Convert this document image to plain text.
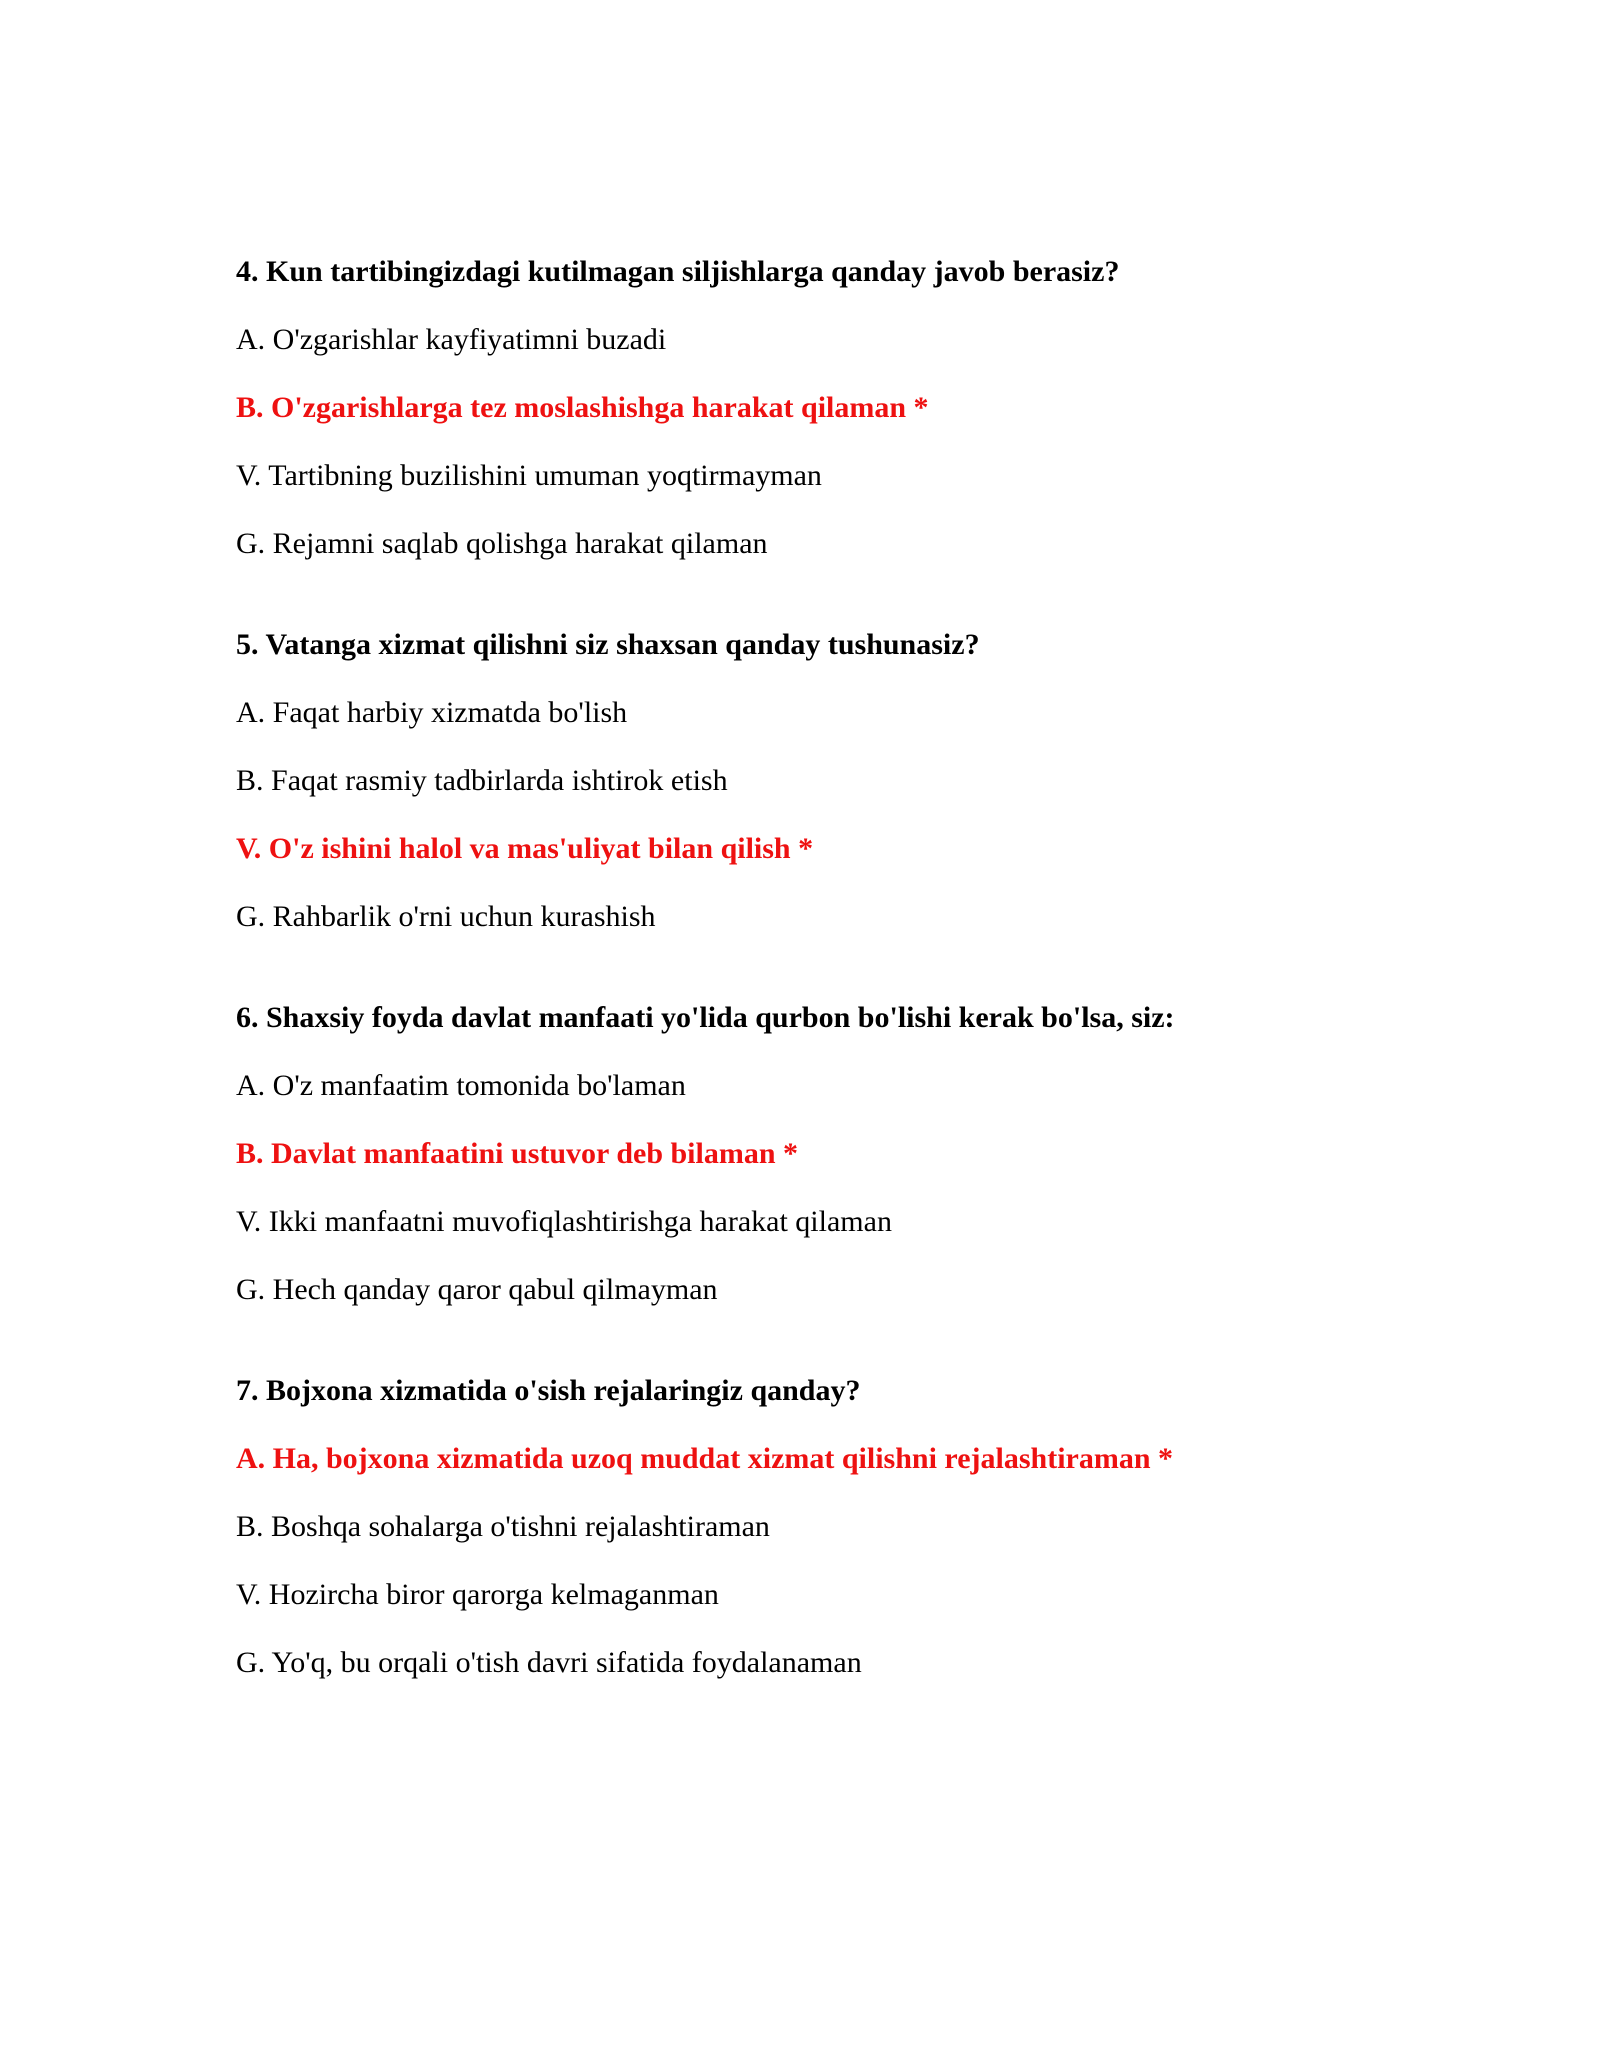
4. Kun tartibingizdagi kutilmagan siljishlarga qanday javob berasiz?
A. O'zgarishlar kayfiyatimni buzadi
B. O'zgarishlarga tez moslashishga harakat qilaman *
V. Tartibning buzilishini umuman yoqtirmayman
G. Rejamni saqlab qolishga harakat qilaman
5. Vatanga xizmat qilishni siz shaxsan qanday tushunasiz?
A. Faqat harbiy xizmatda bo'lish
B. Faqat rasmiy tadbirlarda ishtirok etish
V. O'z ishini halol va mas'uliyat bilan qilish *
G. Rahbarlik o'rni uchun kurashish
6. Shaxsiy foyda davlat manfaati yo'lida qurbon bo'lishi kerak bo'lsa, siz:
A. O'z manfaatim tomonida bo'laman
B. Davlat manfaatini ustuvor deb bilaman *
V. Ikki manfaatni muvofiqlashtirishga harakat qilaman
G. Hech qanday qaror qabul qilmayman
7. Bojxona xizmatida o'sish rejalaringiz qanday?
A. Ha, bojxona xizmatida uzoq muddat xizmat qilishni rejalashtiraman *
B. Boshqa sohalarga o'tishni rejalashtiraman
V. Hozircha biror qarorga kelmaganman
G. Yo'q, bu orqali o'tish davri sifatida foydalanaman
